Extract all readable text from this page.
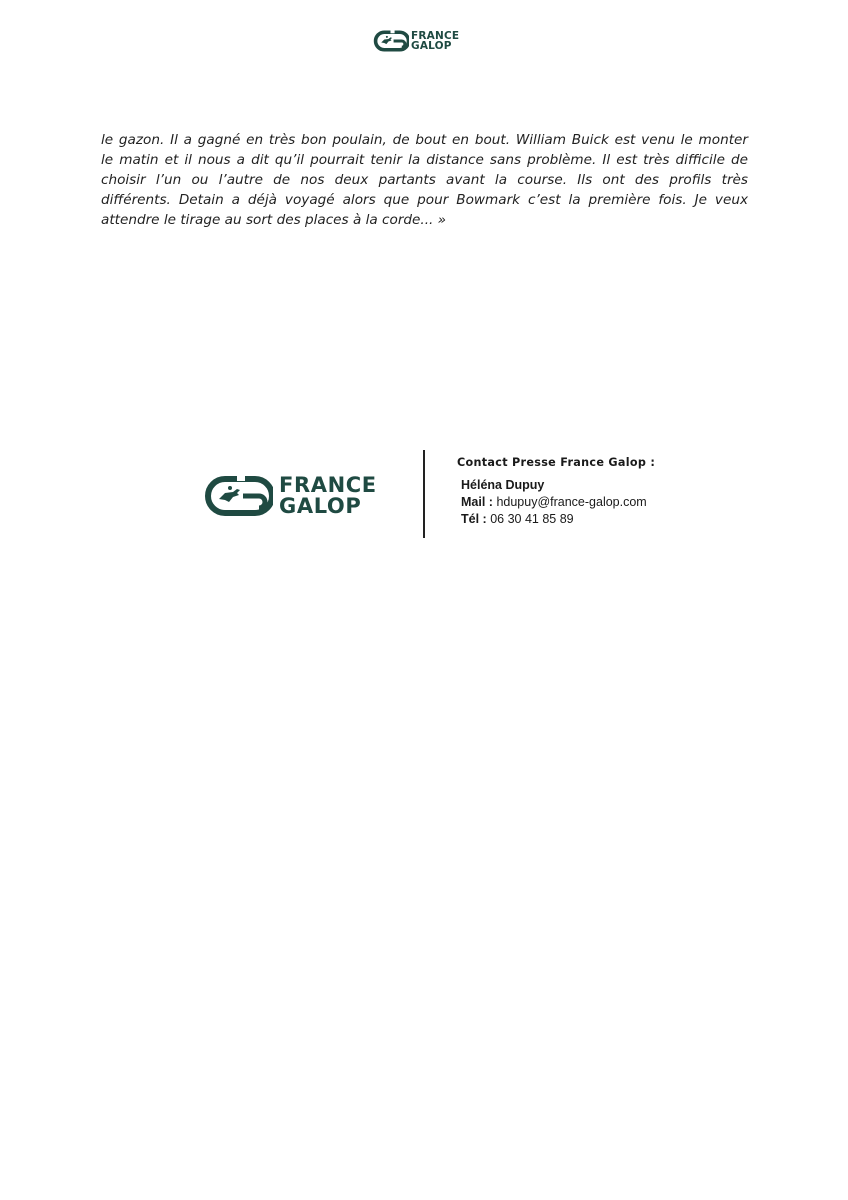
FRANCE
GALOP
le gazon. Il a gagné en très bon poulain, de bout en bout. William Buick est venu le monter
le matin et il nous a dit qu’il pourrait tenir la distance sans problème. Il est très difficile de
choisir l’un ou l’autre de nos deux partants avant la course. Ils ont des profils très
différents. Detain a déjà voyagé alors que pour Bowmark c’est la première fois. Je veux
attendre le tirage au sort des places à la corde... »
FRANCE
GALOP
Contact Presse France Galop :
Héléna Dupuy
Mail : hdupuy@france-galop.com
Tél : 06 30 41 85 89
